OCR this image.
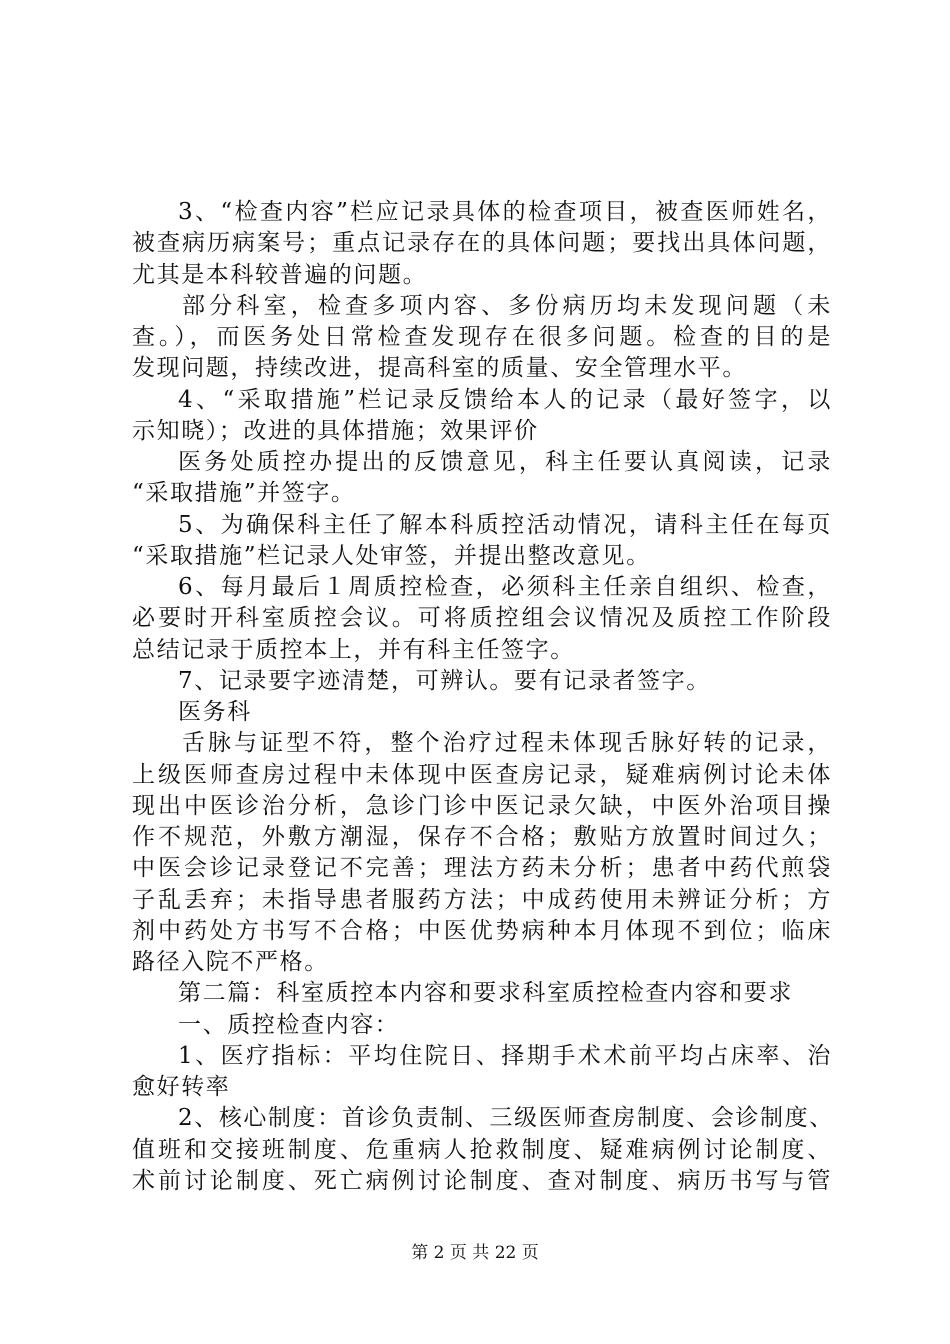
3、“检查内容”栏应记录具体的检查项目，被查医师姓名，
被查病历病案号；重点记录存在的具体问题；要找出具体问题，
尤其是本科较普遍的问题。
部分科室，检查多项内容、多份病历均未发现问题（未
查。），而医务处日常检查发现存在很多问题。检查的目的是
发现问题，持续改进，提高科室的质量、安全管理水平。
4、“采取措施”栏记录反馈给本人的记录（最好签字，以
示知晓）；改进的具体措施；效果评价
医务处质控办提出的反馈意见，科主任要认真阅读，记录
“采取措施”并签字。
5、为确保科主任了解本科质控活动情况，请科主任在每页
“采取措施”栏记录人处审签，并提出整改意见。
6、每月最后１周质控检查，必须科主任亲自组织、检查，
必要时开科室质控会议。可将质控组会议情况及质控工作阶段
总结记录于质控本上，并有科主任签字。
7、记录要字迹清楚，可辨认。要有记录者签字。
医务科
舌脉与证型不符，整个治疗过程未体现舌脉好转的记录，
上级医师查房过程中未体现中医查房记录，疑难病例讨论未体
现出中医诊治分析，急诊门诊中医记录欠缺，中医外治项目操
作不规范，外敷方潮湿，保存不合格；敷贴方放置时间过久；
中医会诊记录登记不完善；理法方药未分析；患者中药代煎袋
子乱丢弃；未指导患者服药方法；中成药使用未辨证分析；方
剂中药处方书写不合格；中医优势病种本月体现不到位；临床
路径入院不严格。
第二篇：科室质控本内容和要求科室质控检查内容和要求
一、质控检查内容：
1、医疗指标：平均住院日、择期手术术前平均占床率、治
愈好转率
2、核心制度：首诊负责制、三级医师查房制度、会诊制度、
值班和交接班制度、危重病人抢救制度、疑难病例讨论制度、
术前讨论制度、死亡病例讨论制度、查对制度、病历书写与管
第 2 页 共 22 页
